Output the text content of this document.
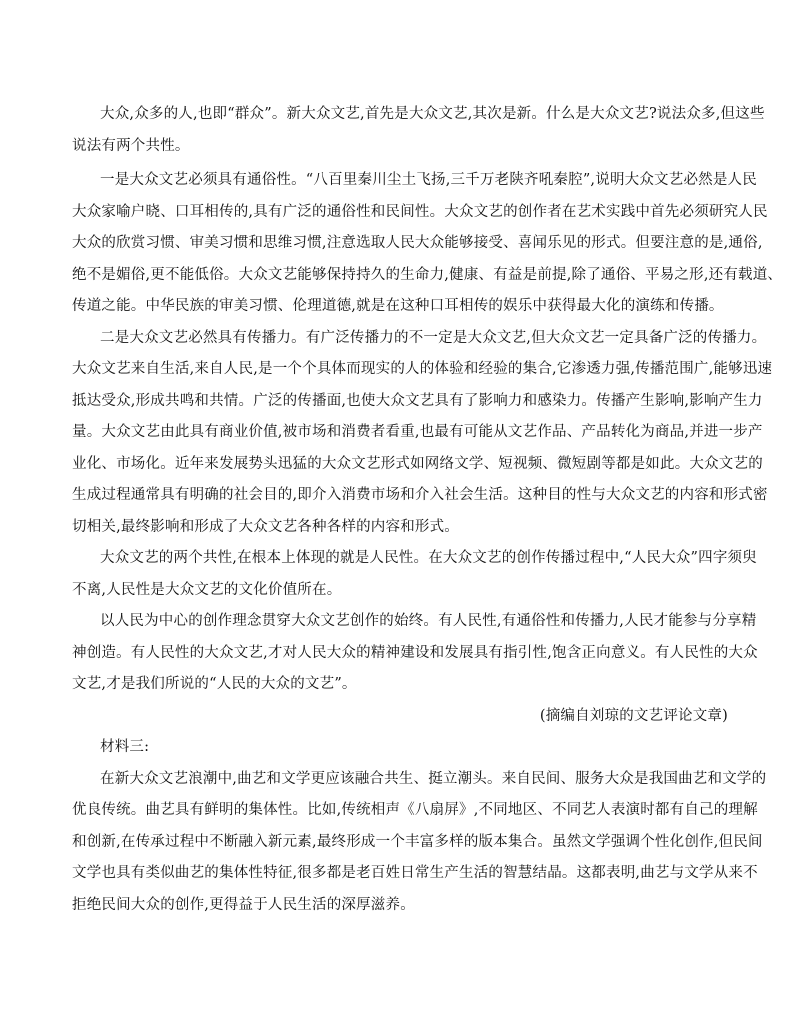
大众,众多的人,也即“群众”。新大众文艺,首先是大众文艺,其次是新。什么是大众文艺?说法众多,但这些
说法有两个共性。
一是大众文艺必须具有通俗性。“八百里秦川尘土飞扬,三千万老陕齐吼秦腔”,说明大众文艺必然是人民
大众家喻户晓、口耳相传的,具有广泛的通俗性和民间性。大众文艺的创作者在艺术实践中首先必须研究人民
大众的欣赏习惯、审美习惯和思维习惯,注意选取人民大众能够接受、喜闻乐见的形式。但要注意的是,通俗,
绝不是媚俗,更不能低俗。大众文艺能够保持持久的生命力,健康、有益是前提,除了通俗、平易之形,还有载道、
传道之能。中华民族的审美习惯、伦理道德,就是在这种口耳相传的娱乐中获得最大化的演练和传播。
二是大众文艺必然具有传播力。有广泛传播力的不一定是大众文艺,但大众文艺一定具备广泛的传播力。
大众文艺来自生活,来自人民,是一个个具体而现实的人的体验和经验的集合,它渗透力强,传播范围广,能够迅速
抵达受众,形成共鸣和共情。广泛的传播面,也使大众文艺具有了影响力和感染力。传播产生影响,影响产生力
量。大众文艺由此具有商业价值,被市场和消费者看重,也最有可能从文艺作品、产品转化为商品,并进一步产
业化、市场化。近年来发展势头迅猛的大众文艺形式如网络文学、短视频、微短剧等都是如此。大众文艺的
生成过程通常具有明确的社会目的,即介入消费市场和介入社会生活。这种目的性与大众文艺的内容和形式密
切相关,最终影响和形成了大众文艺各种各样的内容和形式。
大众文艺的两个共性,在根本上体现的就是人民性。在大众文艺的创作传播过程中,“人民大众”四字须臾
不离,人民性是大众文艺的文化价值所在。
以人民为中心的创作理念贯穿大众文艺创作的始终。有人民性,有通俗性和传播力,人民才能参与分享精
神创造。有人民性的大众文艺,才对人民大众的精神建设和发展具有指引性,饱含正向意义。有人民性的大众
文艺,才是我们所说的“人民的大众的文艺”。
(摘编自刘琼的文艺评论文章)
材料三:
在新大众文艺浪潮中,曲艺和文学更应该融合共生、挺立潮头。来自民间、服务大众是我国曲艺和文学的
优良传统。曲艺具有鲜明的集体性。比如,传统相声《八扇屏》,不同地区、不同艺人表演时都有自己的理解
和创新,在传承过程中不断融入新元素,最终形成一个丰富多样的版本集合。虽然文学强调个性化创作,但民间
文学也具有类似曲艺的集体性特征,很多都是老百姓日常生产生活的智慧结晶。这都表明,曲艺与文学从来不
拒绝民间大众的创作,更得益于人民生活的深厚滋养。
